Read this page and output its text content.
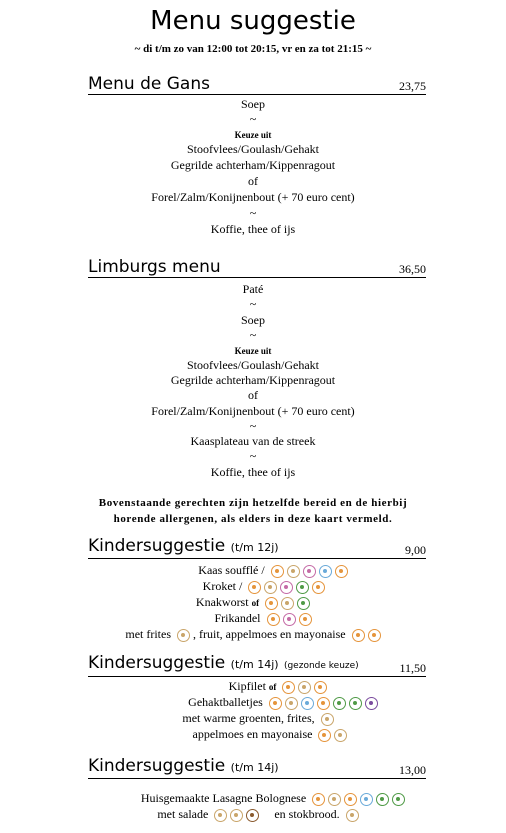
Menu suggestie
~ di t/m zo van 12:00 tot 20:15, vr en za tot 21:15 ~
Menu de Gans	23,75
Soep
~
Keuze uit
Stoofvlees/Goulash/Gehakt
Gegrilde achterham/Kippenragout
of
Forel/Zalm/Konijnenbout (+ 70 euro cent)
~
Koffie, thee of ijs
Limburgs menu	36,50
Paté
~
Soep
~
Keuze uit
Stoofvlees/Goulash/Gehakt
Gegrilde achterham/Kippenragout
of
Forel/Zalm/Konijnenbout (+ 70 euro cent)
~
Kaasplateau van de streek
~
Koffie, thee of ijs
Bovenstaande gerechten zijn hetzelfde bereid en de hierbij
horende allergenen, als elders in deze kaart vermeld.
Kindersuggestie (t/m 12j)	9,00
Kaas soufflé /
Kroket /
Knakworst of
Frikandel
met frites , fruit, appelmoes en mayonaise
Kindersuggestie (t/m 14j) (gezonde keuze)	11,50
Kipfilet of
Gehaktballetjes
met warme groenten, frites,
appelmoes en mayonaise
Kindersuggestie (t/m 14j)	13,00
Huisgemaakte Lasagne Bolognese
met salade	en stokbrood.
